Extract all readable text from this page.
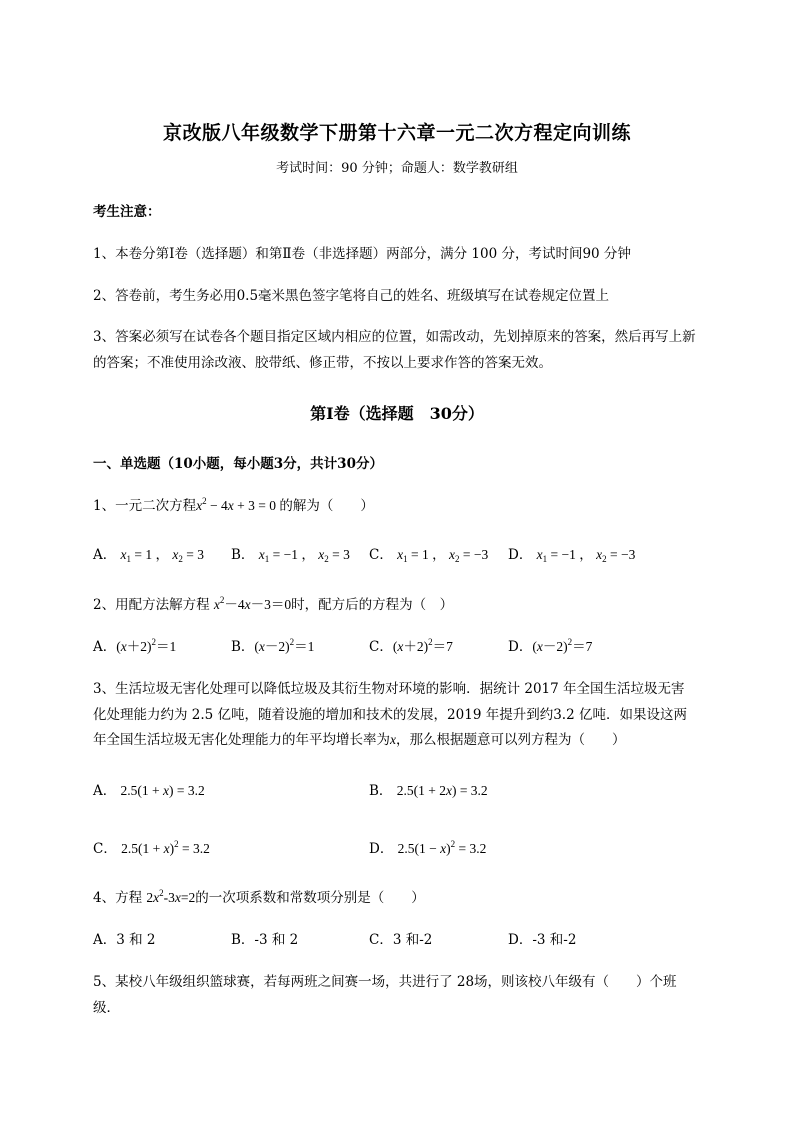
京改版八年级数学下册第十六章一元二次方程定向训练
考试时间：90 分钟；命题人：数学教研组
考生注意：
1、本卷分第Ⅰ卷（选择题）和第Ⅱ卷（非选择题）两部分，满分 100 分，考试时间90 分钟
2、答卷前，考生务必用0.5毫米黑色签字笔将自己的姓名、班级填写在试卷规定位置上
3、答案必须写在试卷各个题目指定区域内相应的位置，如需改动，先划掉原来的答案，然后再写上新
的答案；不准使用涂改液、胶带纸、修正带，不按以上要求作答的答案无效。
第Ⅰ卷（选择题　30分）
一、单选题（10小题，每小题3分，共计30分）
1、一元二次方程$x^2 - 4x + 3 = 0$ 的解为（　　）
A． $x_1 = 1$ ， $x_2 = 3$ B． $x_1 = -1$ ， $x_2 = 3$ C． $x_1 = 1$ ， $x_2 = -3$ D． $x_1 = -1$ ， $x_2 = -3$
2、用配方法解方程 $x^2-4x-3=0$时，配方后的方程为（　）
A．$(x+2)^2=1$	B．$(x-2)^2=1$	C．$(x+2)^2=7$	D．$(x-2)^2=7$
3、生活垃圾无害化处理可以降低垃圾及其衍生物对环境的影响．据统计 2017 年全国生活垃圾无害
化处理能力约为 2.5 亿吨，随着设施的增加和技术的发展，2019 年提升到约3.2 亿吨．如果设这两
年全国生活垃圾无害化处理能力的年平均增长率为x，那么根据题意可以列方程为（　　）
A． 2.5(1 + x) = 3.2	B． 2.5(1 + 2x) = 3.2
C． $2.5(1 + x)^2 = 3.2$	D． $2.5(1 - x)^2 = 3.2$
4、方程 $2x^2-3x=2$的一次项系数和常数项分别是（　　）
A．3 和 2	B．-3 和 2	C．3 和-2	D．-3 和-2
5、某校八年级组织篮球赛，若每两班之间赛一场，共进行了 28场，则该校八年级有（　　）个班
级．
